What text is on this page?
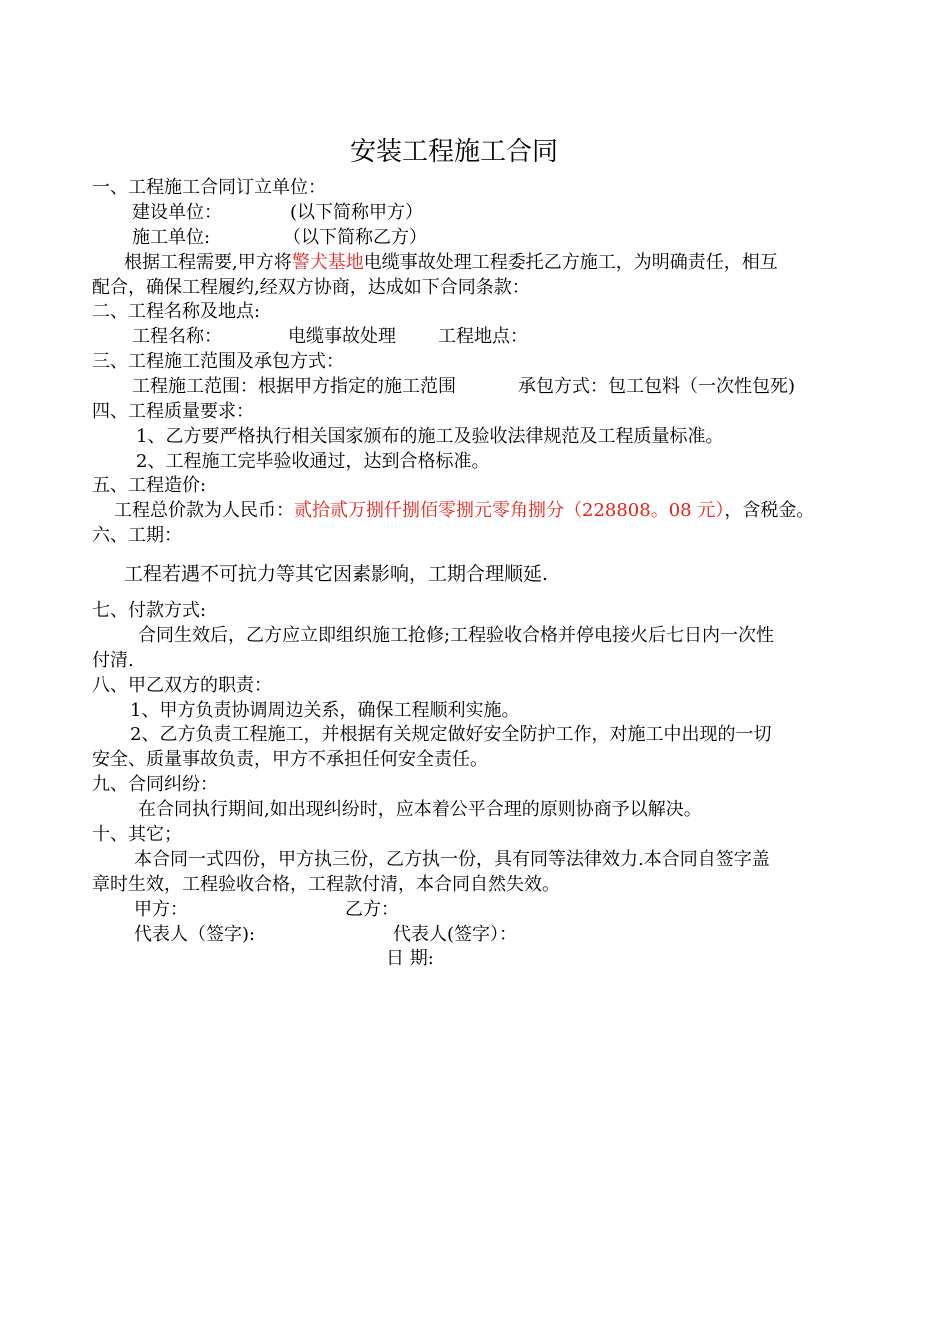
安装工程施工合同
一、工程施工合同订立单位：
建设单位：	(以下简称甲方）
施工单位:	（以下简称乙方）
根据工程需要,甲方将警犬基地电缆事故处理工程委托乙方施工，为明确责任，相互
配合，确保工程履约,经双方协商，达成如下合同条款：
二、工程名称及地点:
工程名称：	电缆事故处理 工程地点：
三、工程施工范围及承包方式：
工程施工范围：根据甲方指定的施工范围	承包方式：包工包料（一次性包死)
四、工程质量要求：
1、乙方要严格执行相关国家颁布的施工及验收法律规范及工程质量标准。
2、工程施工完毕验收通过，达到合格标准。
五、工程造价:
工程总价款为人民币：贰拾贰万捌仟捌佰零捌元零角捌分（228808。08 元），含税金。
六、工期：
工程若遇不可抗力等其它因素影响，工期合理顺延.
七、付款方式:
合同生效后，乙方应立即组织施工抢修;工程验收合格并停电接火后七日内一次性
付清.
八、甲乙双方的职责：
1、甲方负责协调周边关系，确保工程顺利实施。
2、乙方负责工程施工，并根据有关规定做好安全防护工作，对施工中出现的一切
安全、质量事故负责，甲方不承担任何安全责任。
九、合同纠纷：
在合同执行期间,如出现纠纷时，应本着公平合理的原则协商予以解决。
十、其它；
本合同一式四份，甲方执三份，乙方执一份，具有同等法律效力.本合同自签字盖
章时生效，工程验收合格，工程款付清，本合同自然失效。
甲方：	乙方：
代表人（签字):	代表人(签字）：
日 期:
